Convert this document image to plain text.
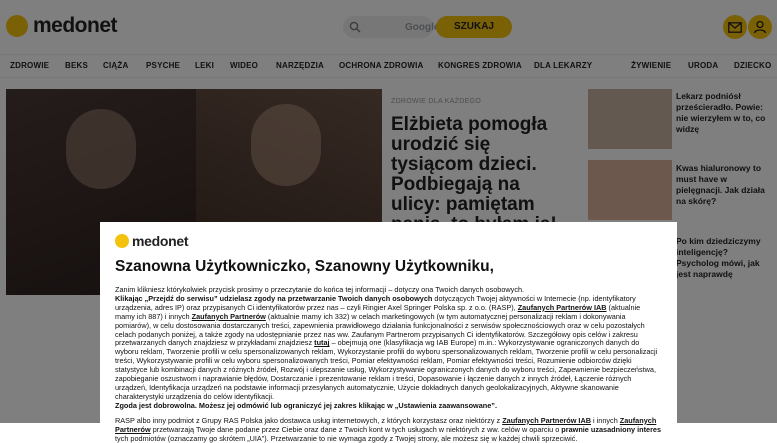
medonet
Szanowna Użytkowniczko, Szanowny Użytkowniku,

Zanim klikniesz którykolwiek przycisk prosimy o przeczytanie do końca tej informacji – dotyczy ona Twoich danych osobowych.
Klikając „Przejdź do serwisu” udzielasz zgody na przetwarzanie Twoich danych osobowych dotyczących Twojej aktywności w Internecie (np. identyfikatory urządzenia, adres IP) oraz przypisanych Ci identyfikatorów przez nas – czyli Ringier Axel Springer Polska sp. z o.o. (RASP), Zaufanych Partnerów IAB (aktualnie mamy ich 887) i innych Zaufanych Partnerów (aktualnie mamy ich 332) w celach marketingowych (w tym automatycznej personalizacji reklam i dokonywania pomiarów), w celu dostosowania dostarczanych treści, zapewnienia prawidłowego działania funkcjonalności z serwisów społecznościowych oraz w celu pozostałych celach podanych poniżej, a także zgody na udostępnianie przez nas ww. Zaufanym Partnerom przypisanych Ci identyfikatorów. Szczegółowy opis celów i zakresu przetwarzanych danych znajdziesz w przykładami znajdziesz tutaj – obejmują one (klasyfikacja wg IAB Europe) m.in.: Wykorzystywanie ograniczonych danych do wyboru reklam, Tworzenie profili w celu spersonalizowanych reklam, Wykorzystanie profili do wyboru spersonalizowanych reklam, Tworzenie profili w celu personalizacji treści, Wykorzystywanie profili w celu wyboru spersonalizowanych treści, Pomiar efektywności reklam, Pomiar efektywności treści, Rozumienie odbiorców dzięki statystyce lub kombinacji danych z różnych źródeł, Rozwój i ulepszanie usług, Wykorzystywanie ograniczonych danych do wyboru treści, Zapewnienie bezpieczeństwa, zapobieganie oszustwom i naprawianie błędów, Dostarczanie i prezentowanie reklam i treści, Dopasowanie i łączenie danych z innych źródeł, Łączenie różnych urządzeń, Identyfikacja urządzeń na podstawie informacji przesyłanych automatycznie, Użycie dokładnych danych geolokalizacyjnych, Aktywne skanowanie charakterystyki urządzenia do celów identyfikacji.

Zgoda jest dobrowolna. Możesz jej odmówić lub ograniczyć jej zakres klikając w „Ustawienia zaawansowane”.

RASP albo inny podmiot z Grupy RAS Polska jako dostawca usług internetowych, z których korzystasz oraz niektórzy z Zaufanych Partnerów IAB i innych Zaufanych Partnerów przetwarzają Twoje dane podane przez Ciebie oraz dane z Twoich kont w tych usługach w niektórych z ww. celów w oparciu o prawnie uzasadniony interes tych podmiotów (oznaczamy go skrótem „UIA”). Przetwarzanie to nie wymaga zgody z Twojej strony, ale możesz się w każdej chwili sprzeciwić.
